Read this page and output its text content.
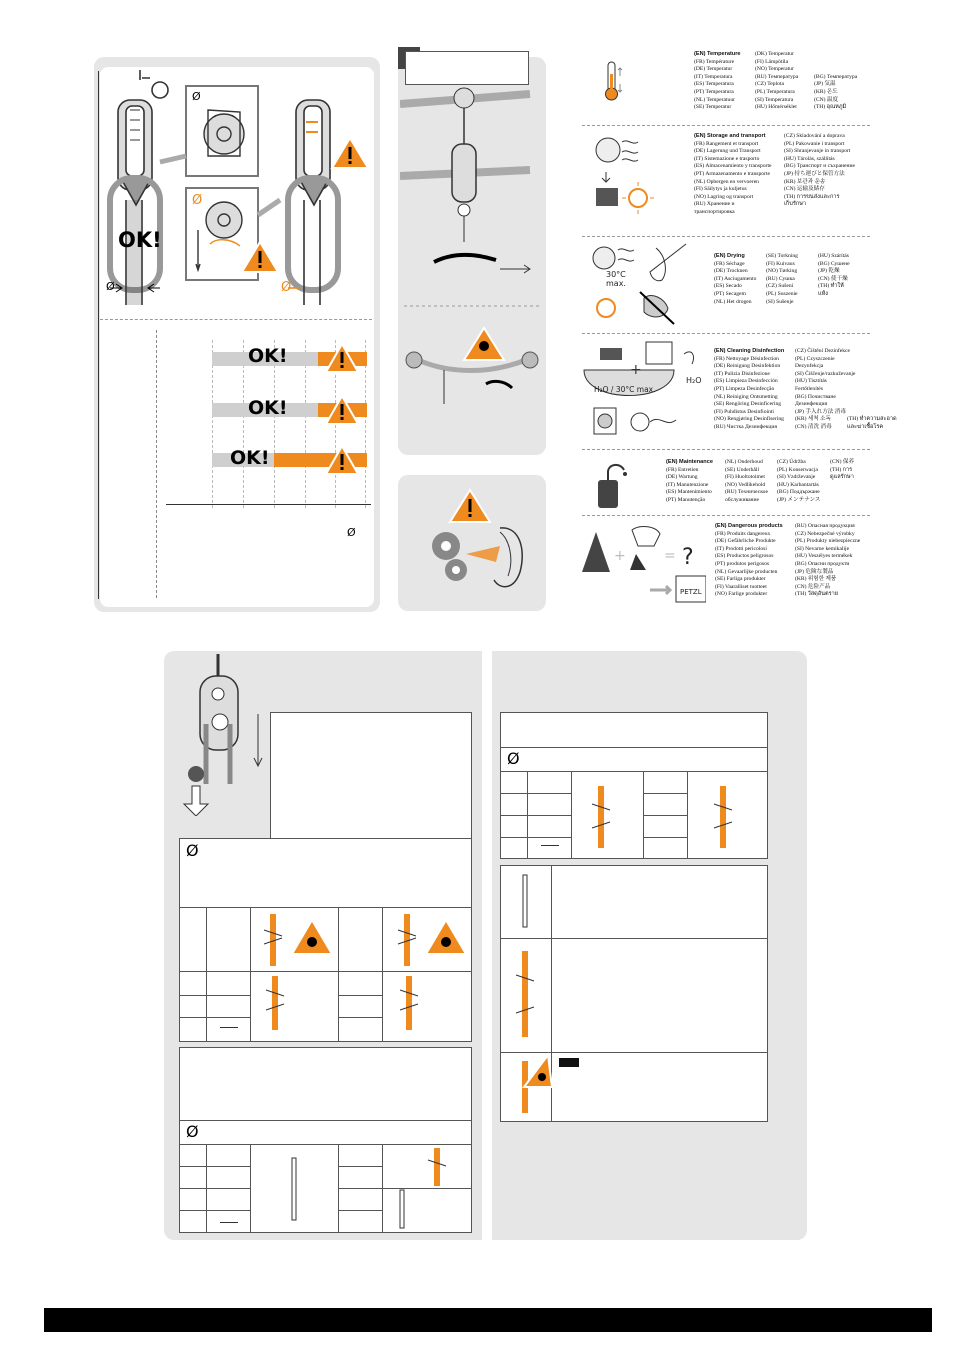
OK!
Ø
Ø
Ø
Ø
OK!
OK!
OK!
Ø
(EN) Temperature
(FR) Température
(DE) Temperatur
(IT) Temperatura
(ES) Temperatura
(PT) Temperatura
(NL) Temperatuur
(SE) Temperatur
(DK) Temperatur
(FI) Lämpötila
(NO) Temperatur
(RU) Температура
(CZ) Teplota
(PL) Temperatura
(SI) Temperatura
(HU) Hőmérséklet

(BG) Температура
(JP) 気温
(KR) 온도
(CN) 温度
(TH) อุณหภูมิ
(EN) Storage and transport
(FR) Rangement et transport
(DE) Lagerung und Transport
(IT) Sistemazione e trasporto
(ES) Almacenamiento y transporte
(PT) Armazenamento e transporte
(NL) Opbergen en vervoeren
(FI) Säilytys ja kuljetus
(NO) Lagring og transport
(RU) Хранение и
транспортировка
(CZ) Skladování a doprava
(PL) Pakowanie i transport
(SI) Shranjevanje in transport
(HU) Tárolás, szállítás
(BG) Транспорт и съхранение
(JP) 持ち運びと保管方法
(KR) 보관과 운송
(CN) 运输及储存
(TH) การขนส่งและการ
เก็บรักษา

30°C
max.
(EN) Drying
(FR) Séchage
(DE) Trocknen
(IT) Asciugamento
(ES) Secado
(PT) Secagem
(NL) Het drogen
(SE) Torkning
(FI) Kuivaus
(NO) Tørking
(RU) Сушка
(CZ) Sušení
(PL) Suszenie
(SI) Sušenje
(HU) Szárítás
(BG) Сушене
(JP) 乾燥
(CN) 使干燥
(TH) ทำให้
แห้ง

+
H₂O / 30°C max.
H₂O
(EN) Cleaning Disinfection
(FR) Nettoyage Désinfection
(DE) Reinigung Desinfektion
(IT) Pulizia Disinfezione
(ES) Limpieza Desinfección
(PT) Limpeza Desinfecção
(NL) Reiniging Ontsmetting
(SE) Rengöring Desinficering
(FI) Puhdistus Desinfiointi
(NO) Rengjøring Desinfisering
(RU) Чистка Дезинфекция
(CZ) Čištění Dezinfekce
(PL) Czyszczenie
Dezynfekcja
(SI) Čiščenje/razkuževanje
(HU) Tisztítás
Fertőtlenítés
(BG) Почистване
Дезинфекция
(JP) 手入れ方法 消毒
(KR) 세척 소독
(CN) 清洗 消毒

(TH) ทำความสะอาด
และฆ่าเชื้อโรค
(EN) Maintenance
(FR) Entretien
(DE) Wartung
(IT) Manutenzione
(ES) Mantenimiento
(PT) Manutenção
(NL) Onderhoud
(SE) Underhåll
(FI) Huoltotoimet
(NO) Vedlikehold
(RU) Техническое
обслуживание
(CZ) Údržba
(PL) Konserwacja
(SI) Vzdrževanje
(HU) Karbantartás
(BG) Поддържане
(JP) メンテナンス
(CN) 保养
(TH) การ
ดูแลรักษา

+	= ?
PETZL
(EN) Dangerous products
(FR) Produits dangereux
(DE) Gefährliche Produkte
(IT) Prodotti pericolosi
(ES) Productos peligrosos
(PT) produtos perigosos
(NL) Gevaarlijke producten
(SE) Farliga produkter
(FI) Vaaralliset tuotteet
(NO) Farlige produkter
(RU) Опасная продукция
(CZ) Nebezpečné výrobky
(PL) Produkty niebezpieczne
(SI) Nevarne kemikalije
(HU) Veszélyes termékek
(BG) Опасни продукти
(JP) 危険な製品
(KR) 위험한 제품
(CN) 危险产品
(TH) วัสดุอันตราย
Ø
Ø
Ø
